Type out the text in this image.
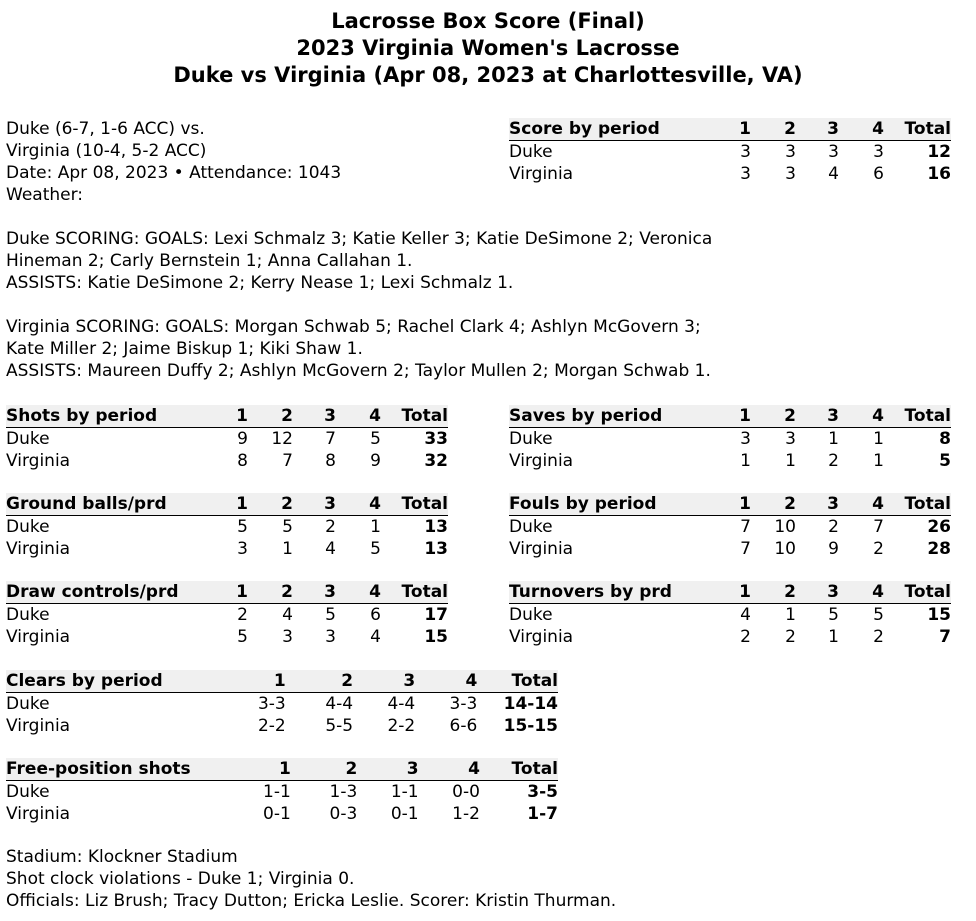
Lacrosse Box Score (Final)
2023 Virginia Women's Lacrosse
Duke vs Virginia (Apr 08, 2023 at Charlottesville, VA)
Duke (6-7, 1-6 ACC) vs.
Virginia (10-4, 5-2 ACC)
Date: Apr 08, 2023 • Attendance: 1043
Weather:
Score by period	1	2	3	4	Total
Duke	3	3	3	3	12
Virginia	3	3	4	6	16
Duke SCORING: GOALS: Lexi Schmalz 3; Katie Keller 3; Katie DeSimone 2; Veronica
Hineman 2; Carly Bernstein 1; Anna Callahan 1.
ASSISTS: Katie DeSimone 2; Kerry Nease 1; Lexi Schmalz 1.
Virginia SCORING: GOALS: Morgan Schwab 5; Rachel Clark 4; Ashlyn McGovern 3;
Kate Miller 2; Jaime Biskup 1; Kiki Shaw 1.
ASSISTS: Maureen Duffy 2; Ashlyn McGovern 2; Taylor Mullen 2; Morgan Schwab 1.
Shots by period	1	2	3	4	Total
Duke	9	12	7	5	33
Virginia	8	7	8	9	32
Saves by period	1	2	3	4	Total
Duke	3	3	1	1	8
Virginia	1	1	2	1	5
Ground balls/prd	1	2	3	4	Total
Duke	5	5	2	1	13
Virginia	3	1	4	5	13
Fouls by period	1	2	3	4	Total
Duke	7	10	2	7	26
Virginia	7	10	9	2	28
Draw controls/prd	1	2	3	4	Total
Duke	2	4	5	6	17
Virginia	5	3	3	4	15
Turnovers by prd	1	2	3	4	Total
Duke	4	1	5	5	15
Virginia	2	2	1	2	7
Clears by period	1	2	3	4	Total
Duke	3-3	4-4	4-4	3-3	14-14
Virginia	2-2	5-5	2-2	6-6	15-15
Free-position shots	1	2	3	4	Total
Duke	1-1	1-3	1-1	0-0	3-5
Virginia	0-1	0-3	0-1	1-2	1-7
Stadium: Klockner Stadium
Shot clock violations - Duke 1; Virginia 0.
Officials: Liz Brush; Tracy Dutton; Ericka Leslie. Scorer: Kristin Thurman.
